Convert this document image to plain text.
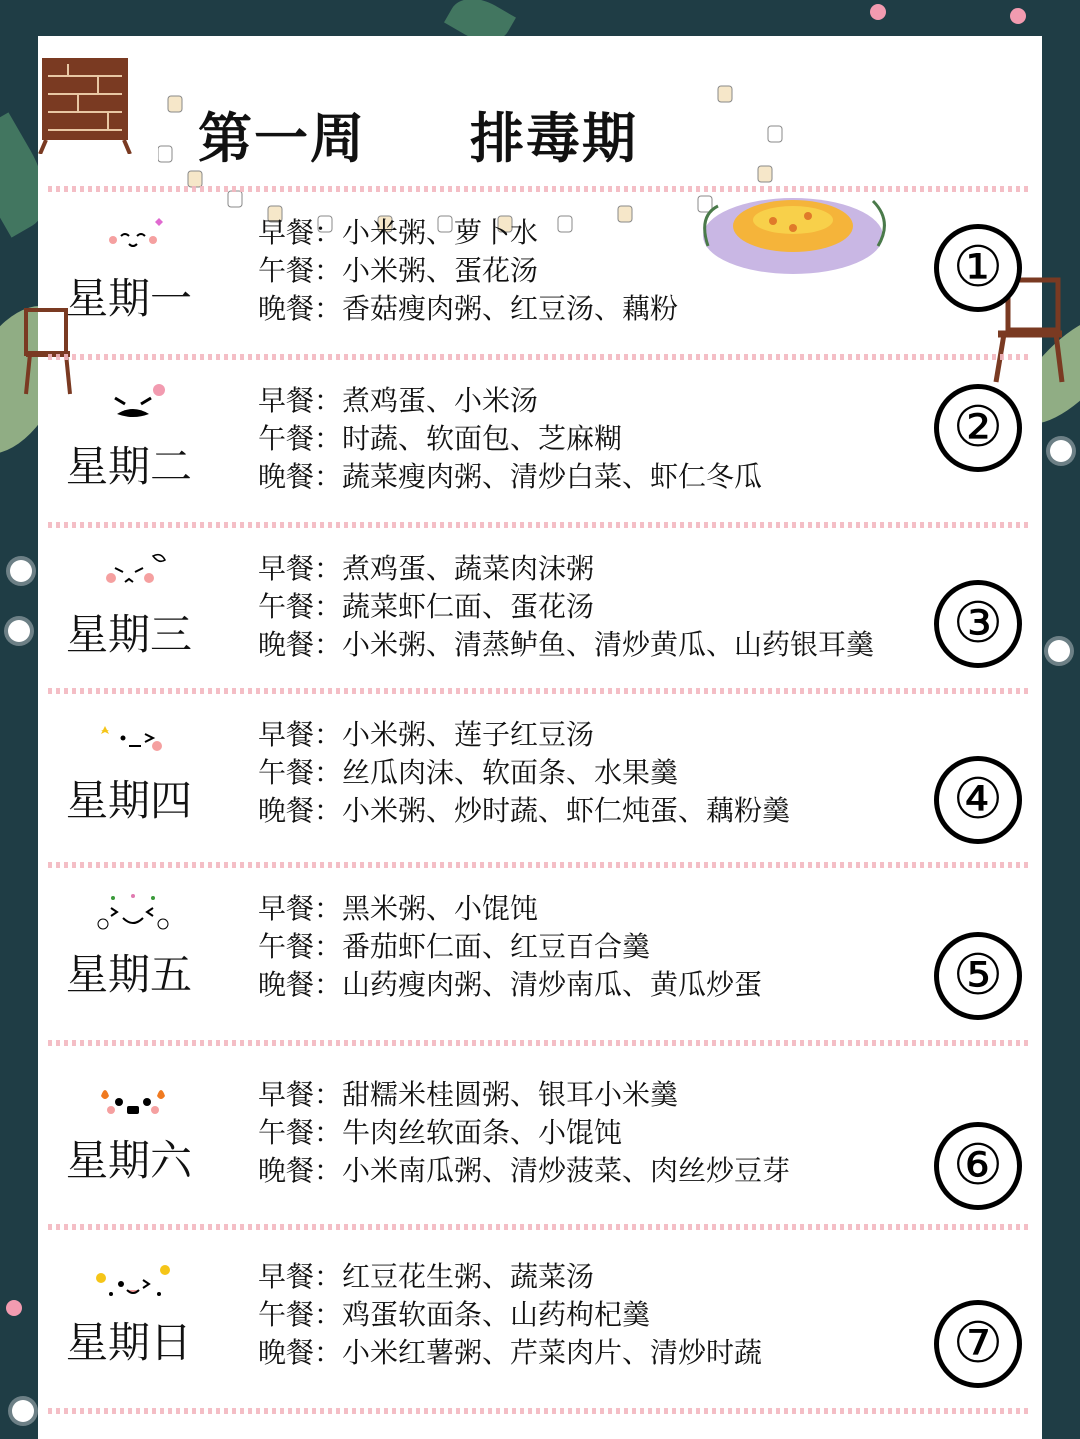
第一周     排毒期
星期一
早餐：小米粥、萝卜水
午餐：小米粥、蛋花汤
晚餐：香菇瘦肉粥、红豆汤、藕粉
①
星期二
早餐：煮鸡蛋、小米汤
午餐：时蔬、软面包、芝麻糊
晚餐：蔬菜瘦肉粥、清炒白菜、虾仁冬瓜
②
星期三
早餐：煮鸡蛋、蔬菜肉沫粥
午餐：蔬菜虾仁面、蛋花汤
晚餐：小米粥、清蒸鲈鱼、清炒黄瓜、山药银耳羹	③
星期四
早餐：小米粥、莲子红豆汤
午餐：丝瓜肉沫、软面条、水果羹
晚餐：小米粥、炒时蔬、虾仁炖蛋、藕粉羹	④
星期五
早餐：黑米粥、小馄饨
午餐：番茄虾仁面、红豆百合羹
晚餐：山药瘦肉粥、清炒南瓜、黄瓜炒蛋	⑤
星期六
早餐：甜糯米桂圆粥、银耳小米羹
午餐：牛肉丝软面条、小馄饨
晚餐：小米南瓜粥、清炒菠菜、肉丝炒豆芽	⑥
星期日
早餐：红豆花生粥、蔬菜汤
午餐：鸡蛋软面条、山药枸杞羹
晚餐：小米红薯粥、芹菜肉片、清炒时蔬	⑦
